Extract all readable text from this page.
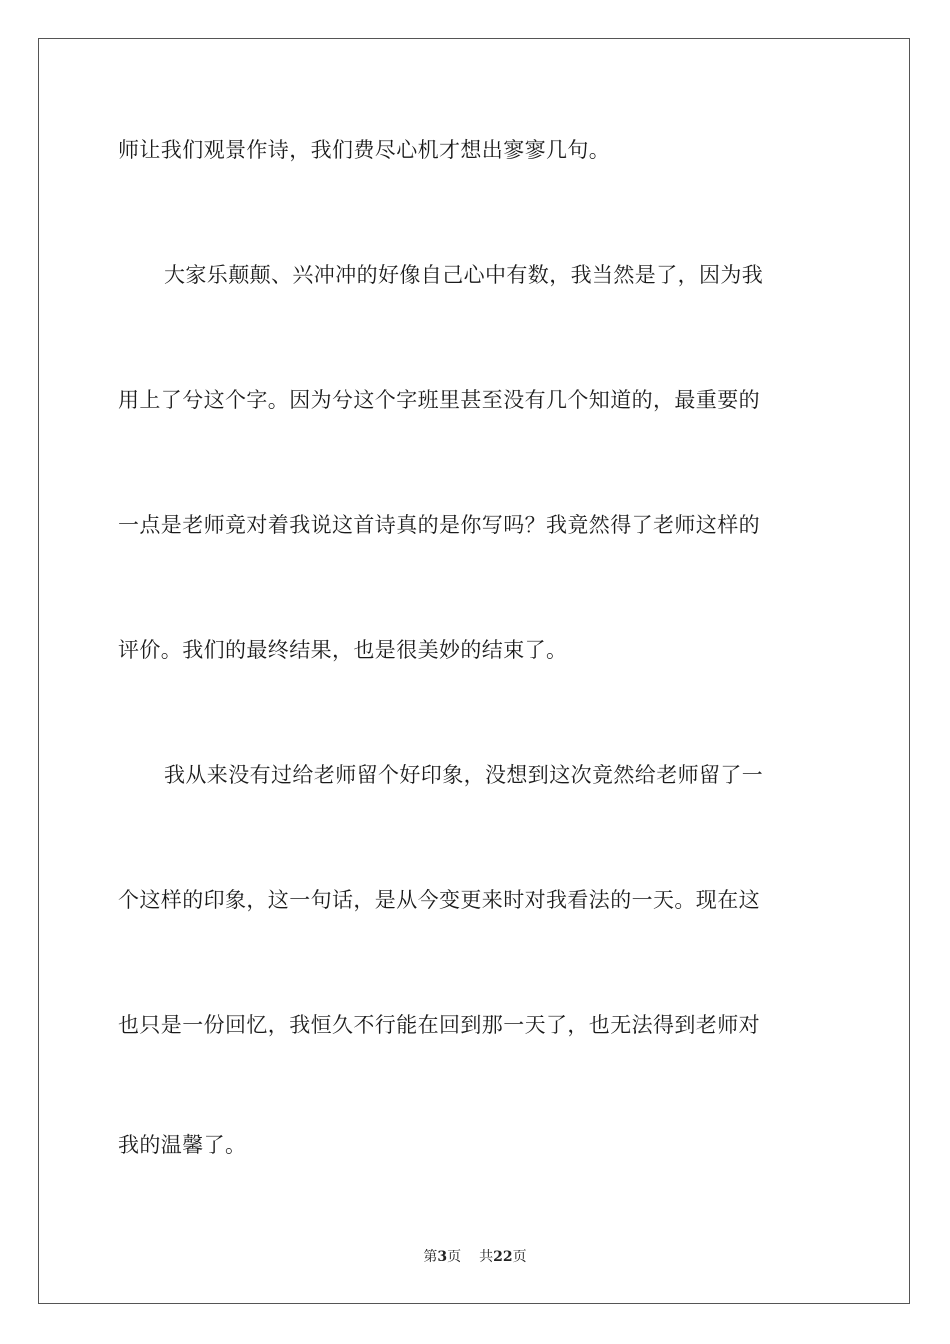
师让我们观景作诗，我们费尽心机才想出寥寥几句。
大家乐颠颠、兴冲冲的好像自己心中有数，我当然是了，因为我
用上了兮这个字。因为兮这个字班里甚至没有几个知道的，最重要的
一点是老师竟对着我说这首诗真的是你写吗？我竟然得了老师这样的
评价。我们的最终结果，也是很美妙的结束了。
我从来没有过给老师留个好印象，没想到这次竟然给老师留了一
个这样的印象，这一句话，是从今变更来时对我看法的一天。现在这
也只是一份回忆，我恒久不行能在回到那一天了，也无法得到老师对
我的温馨了。
第3页 共22页
